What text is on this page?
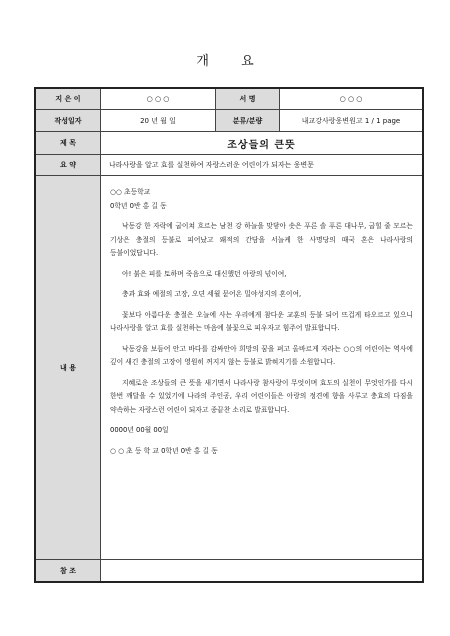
개 요
지 은 이	○ ○ ○	서 명	○ ○ ○
작성일자	20 년 월 일	분류/분량	내교강사랑웅변원고 1 / 1 page
제 목	조상들의 큰뜻
요 약	나라사랑을 알고 효를 실천하여 자랑스러운 어린이가 되자는 웅변문
내 용

○○ 초등학교

0학년 0반 홍 길 동

낙동강 한 자락에 굽이쳐 흐르는 남천 강 하늘을 맞닿아 솟은 푸른 솔 푸른 대나무, 굽힐 줄 모르는 기상은 충절의 등불로 피어났고 왜적의 간담을 서늘케 한 사명당의 때국 혼은 나라사랑의 등불이었답니다.

아! 붉은 피를 토하며 죽음으로 대신했던 아랑의 넋이여,

충과 효와 예절의 고장, 오뎐 세월 묻어온 밀야성지의 혼이여,

꽃보다 아름다운 충절은 오늘에 사는 우리에게 참다운 교훈의 등불 되어 뜨겁게 타오르고 있으니 나라사랑을 알고 효를 실천하는 마음에 불꽃으로 피우자고 힘주어 발표합니다.

낙동강을 보듬어 안고 바다를 감싸안아 희망의 꿈을 펴고 올바르게 자라는 ○○의 어린이는 역사에 깊이 새긴 충절의 고장이 영원히 꺼지지 않는 등불로 밝혀지기를 소원합니다.

지혜로운 조상들의 큰 뜻을 새기면서 나라사랑 참사랑이 무엇이며 효도의 실천이 무엇인가를 다시 한번 깨달을 수 있었기에 나라의 주인공, 우리 어린이들은 아랑의 정견에 향을 사루고 충효의 다짐을 약속하는 자랑스런 어린이 되자고 종끝찬 소리로 발표합니다.

0000년 00월 00일

○ ○ 초 등 학 교 0학년 0반 홍 길 동

참 조
